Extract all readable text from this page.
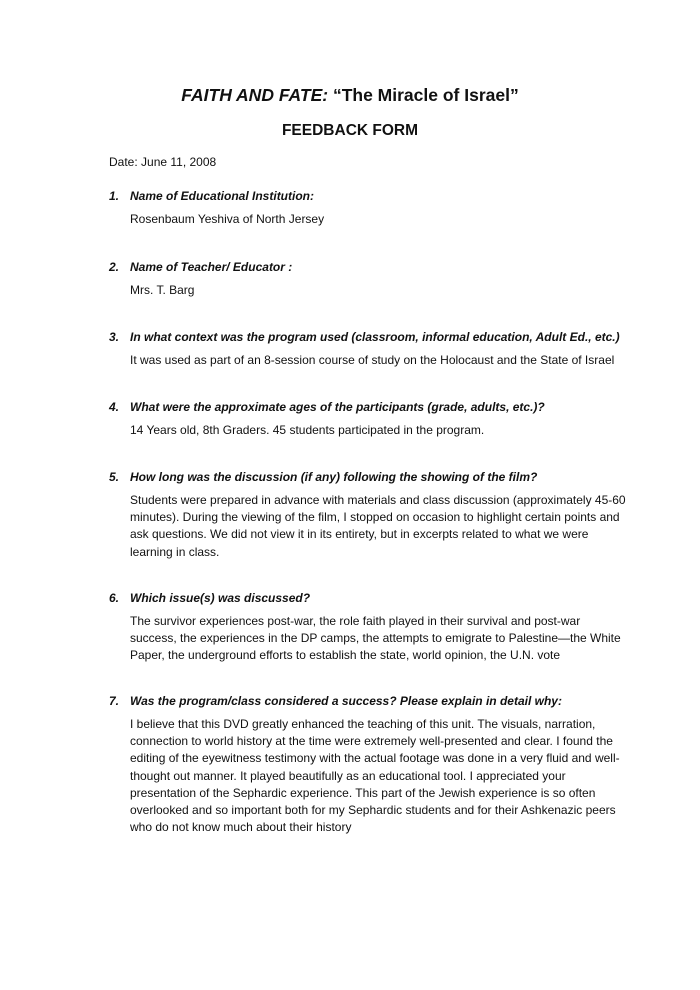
FAITH AND FATE: “The Miracle of Israel”
FEEDBACK FORM
Date: June 11, 2008
1. Name of Educational Institution:
Rosenbaum Yeshiva of North Jersey
2. Name of Teacher/ Educator :
Mrs. T. Barg
3. In what context was the program used (classroom, informal education, Adult Ed., etc.)
It was used as part of an 8-session course of study on the Holocaust and the State of Israel
4. What were the approximate ages of the participants (grade, adults, etc.)?
14 Years old, 8th Graders. 45 students participated in the program.
5. How long was the discussion (if any) following the showing of the film?
Students were prepared in advance with materials and class discussion (approximately 45-60 minutes). During the viewing of the film, I stopped on occasion to highlight certain points and ask questions. We did not view it in its entirety, but in excerpts related to what we were learning in class.
6. Which issue(s) was discussed?
The survivor experiences post-war, the role faith played in their survival and post-war success, the experiences in the DP camps, the attempts to emigrate to Palestine—the White Paper, the underground efforts to establish the state, world opinion, the U.N. vote
7. Was the program/class considered a success? Please explain in detail why:
I believe that this DVD greatly enhanced the teaching of this unit. The visuals, narration, connection to world history at the time were extremely well-presented and clear. I found the editing of the eyewitness testimony with the actual footage was done in a very fluid and well-thought out manner. It played beautifully as an educational tool. I appreciated your presentation of the Sephardic experience. This part of the Jewish experience is so often overlooked and so important both for my Sephardic students and for their Ashkenazic peers who do not know much about their history
